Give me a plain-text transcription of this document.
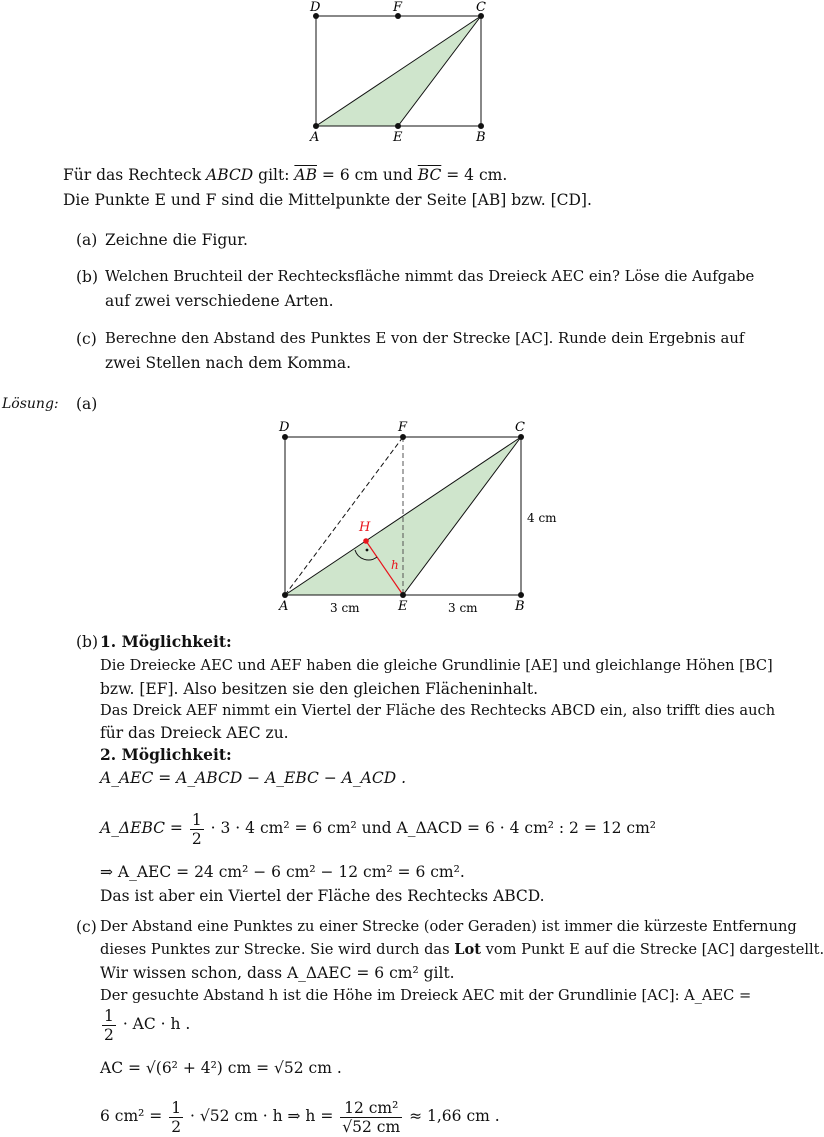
D	F	C
A	E	B
Für das Rechteck ABCD gilt: $\overline{AB} = 6$ cm und $\overline{BC} = 4$ cm.
Die Punkte E und F sind die Mittelpunkte der Seite [AB] bzw. [CD].
(a) Zeichne die Figur.
(b) Welchen Bruchteil der Rechtecksfläche nimmt das Dreieck AEC ein? Löse die Aufgabe
auf zwei verschiedene Arten.
(c) Berechne den Abstand des Punktes E von der Strecke [AC]. Runde dein Ergebnis auf
zwei Stellen nach dem Komma.
Lösung: (a)
D	F	C
A	E	B
H
h
3 cm	3 cm
4 cm
(b) 1. Möglichkeit:
Die Dreiecke AEC und AEF haben die gleiche Grundlinie [AE] und gleichlange Höhen [BC]
bzw. [EF]. Also besitzen sie den gleichen Flächeninhalt.
Das Dreick AEF nimmt ein Viertel der Fläche des Rechtecks ABCD ein, also trifft dies auch
für das Dreieck AEC zu.
2. Möglichkeit:
A_AEC = A_ABCD − A_EBC − A_ACD .
A_ΔEBC = $\frac{1}{2} \cdot 3 \cdot 4$ cm² = 6 cm² und A_ΔACD = 6 · 4 cm² : 2 = 12 cm²
⇒ A_AEC = 24 cm² − 6 cm² − 12 cm² = 6 cm².
Das ist aber ein Viertel der Fläche des Rechtecks ABCD.
(c) Der Abstand eine Punktes zu einer Strecke (oder Geraden) ist immer die kürzeste Entfernung
dieses Punktes zur Strecke. Sie wird durch das Lot vom Punkt E auf die Strecke [AC] dargestellt.
Wir wissen schon, dass A_ΔAEC = 6 cm² gilt.
Der gesuchte Abstand h ist die Höhe im Dreieck AEC mit der Grundlinie [AC]: A_AEC =
$\frac{1}{2}$ · AC · h .
AC = √(6² + 4²) cm = √52 cm .
6 $cm^2 = \frac{1}{2} \cdot √52$ cm · h ⇒ $h = \frac{\text{12 cm²}}{√52 cm} \approx 1,66$ cm .
